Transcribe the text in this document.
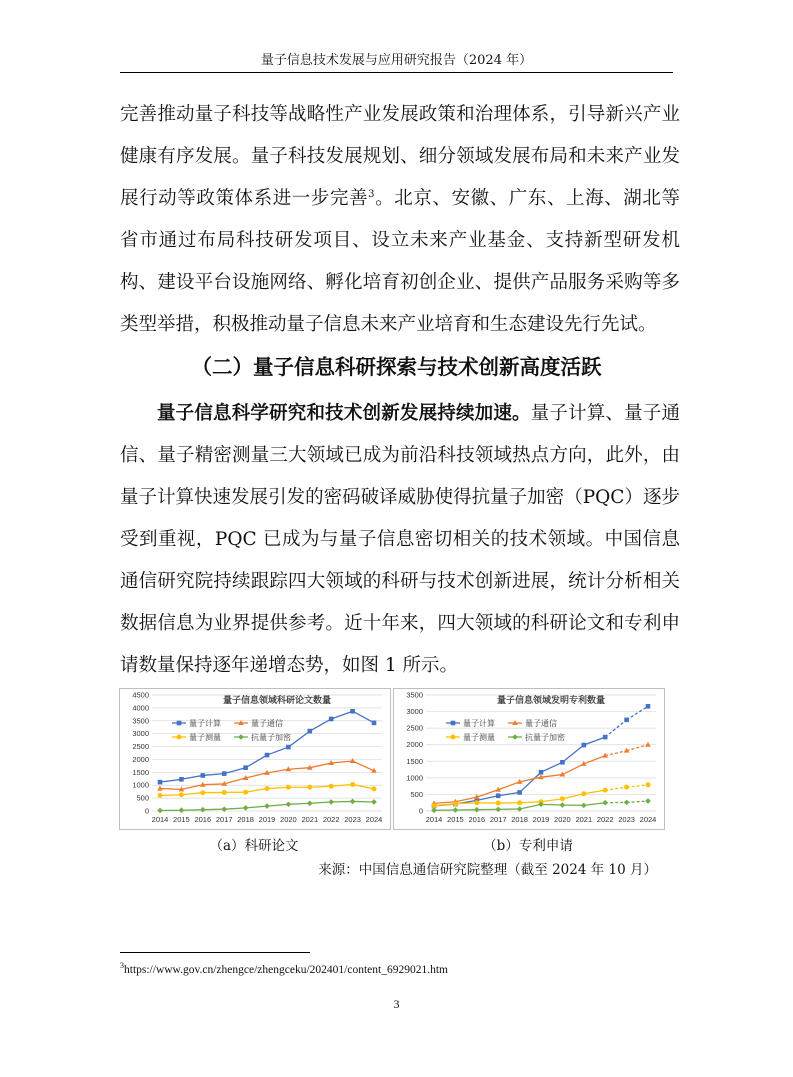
量子信息技术发展与应用研究报告（2024 年）

完善推动量子科技等战略性产业发展政策和治理体系，引导新兴产业健康有序发展。量子科技发展规划、细分领域发展布局和未来产业发展行动等政策体系进一步完善$^3$。北京、安徽、广东、上海、湖北等省市通过布局科技研发项目、设立未来产业基金、支持新型研发机构、建设平台设施网络、孵化培育初创企业、提供产品服务采购等多类型举措，积极推动量子信息未来产业培育和生态建设先行先试。

（二）量子信息科研探索与技术创新高度活跃

量子信息科学研究和技术创新发展持续加速。量子计算、量子通信、量子精密测量三大领域已成为前沿科技领域热点方向，此外，由量子计算快速发展引发的密码破译威胁使得抗量子加密（PQC）逐步受到重视，PQC 已成为与量子信息密切相关的技术领域。中国信息通信研究院持续跟踪四大领域的科研与技术创新进展，统计分析相关数据信息为业界提供参考。近十年来，四大领域的科研论文和专利申请数量保持逐年递增态势，如图 1 所示。

0
500
1000
1500
2000
2500
3000
3500
4000
4500
2014 2015 2016 2017 2018 2019 2020 2021 2022 2023 2024
量子信息领域科研论文数量
量子计算	量子通信
量子测量	抗量子加密
0
500
1000
1500
2000
2500
3000
3500
2014 2015 2016 2017 2018 2019 2020 2021 2022 2023 2024
量子信息领域发明专利数量
量子计算	量子通信
量子测量	抗量子加密
（a）科研论文	（b）专利申请
来源：中国信息通信研究院整理（截至 2024 年 10 月）
$^3$https://www.gov.cn/zhengce/zhengceku/202401/content_6929021.htm
3
